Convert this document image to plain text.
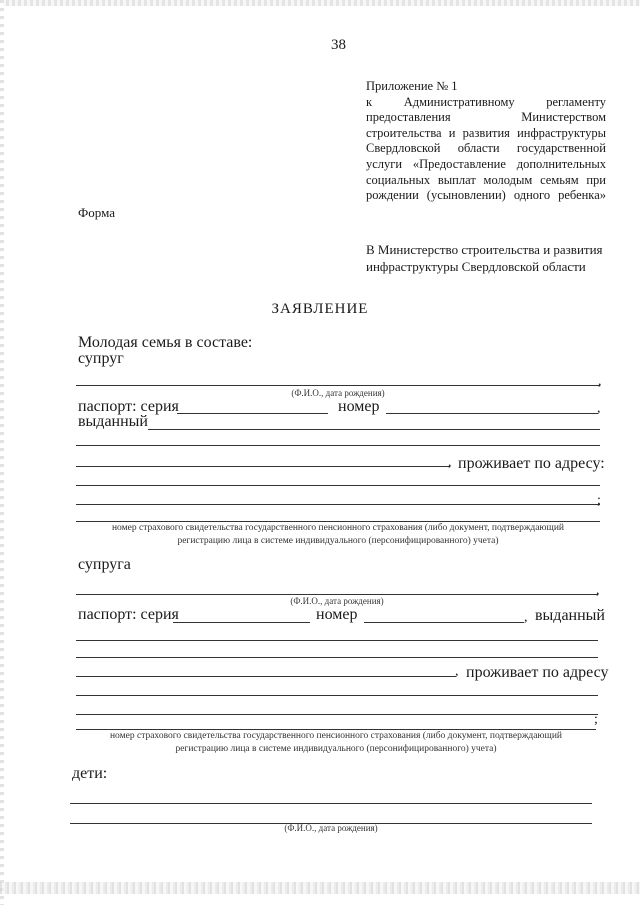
38
Приложение № 1
к Административному регламенту
предоставления Министерством
строительства и развития инфраструктуры
Свердловской области государственной
услуги «Предоставление дополнительных
социальных выплат молодым семьям при
рождении (усыновлении) одного ребенка»
Форма
В Министерство строительства и развития
инфраструктуры Свердловской области
ЗАЯВЛЕНИЕ
Молодая семья в составе:
супруг
,
(Ф.И.О., дата рождения)
паспорт: серия	номер	,
выданный
, проживает по адресу:
;
номер страхового свидетельства государственного пенсионного страхования (либо документ, подтверждающий
регистрацию лица в системе индивидуального (персонифицированного) учета)
супруга
,
(Ф.И.О., дата рождения)
паспорт: серия	номер	, выданный
, проживает по адресу
;
номер страхового свидетельства государственного пенсионного страхования (либо документ, подтверждающий
регистрацию лица в системе индивидуального (персонифицированного) учета)
дети:
(Ф.И.О., дата рождения)
